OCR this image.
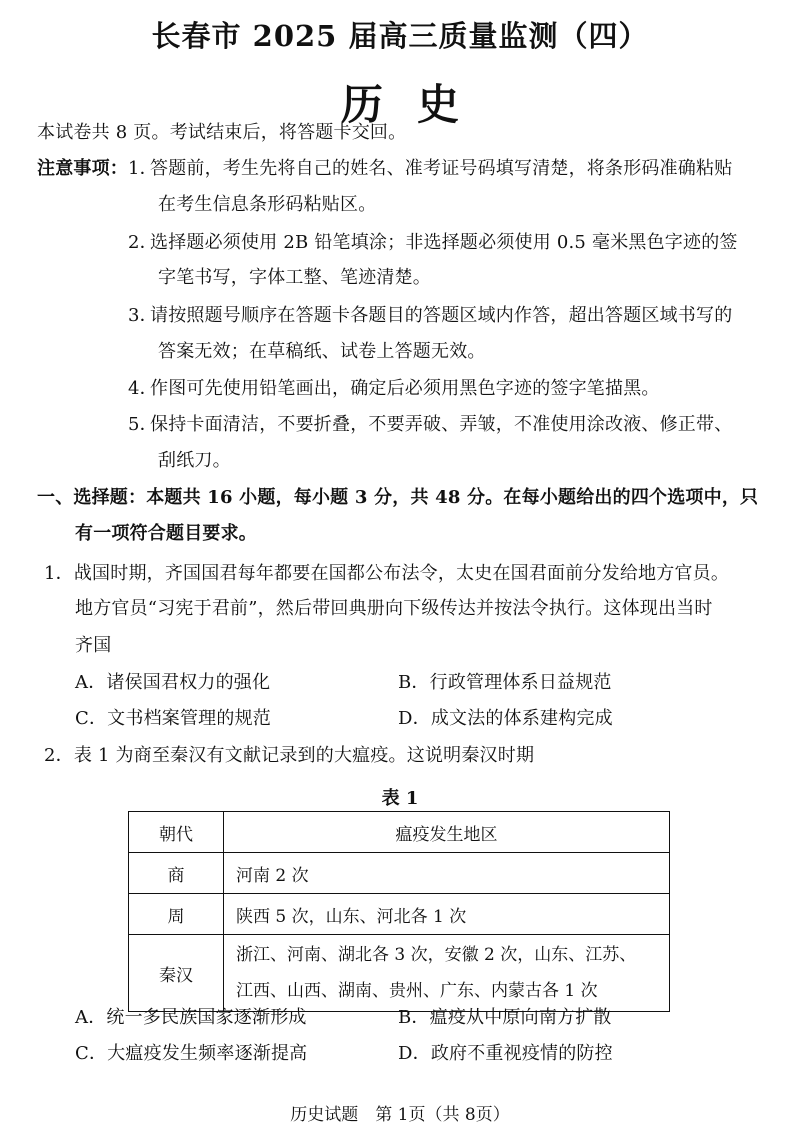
长春市 2025 届高三质量监测（四）
历史
本试卷共 8 页。考试结束后，将答题卡交回。
注意事项： 1．答题前，考生先将自己的姓名、准考证号码填写清楚，将条形码准确粘贴
在考生信息条形码粘贴区。
2．选择题必须使用 2B 铅笔填涂；非选择题必须使用 0.5 毫米黑色字迹的签
字笔书写，字体工整、笔迹清楚。
3．请按照题号顺序在答题卡各题目的答题区域内作答，超出答题区域书写的
答案无效；在草稿纸、试卷上答题无效。
4．作图可先使用铅笔画出，确定后必须用黑色字迹的签字笔描黑。
5．保持卡面清洁，不要折叠，不要弄破、弄皱，不准使用涂改液、修正带、
刮纸刀。
一、选择题：本题共 16 小题，每小题 3 分，共 48 分。在每小题给出的四个选项中，只
有一项符合题目要求。
1．战国时期，齐国国君每年都要在国都公布法令，太史在国君面前分发给地方官员。
地方官员“习宪于君前”，然后带回典册向下级传达并按法令执行。这体现出当时
齐国
A．诸侯国君权力的强化	B．行政管理体系日益规范
C．文书档案管理的规范	D．成文法的体系建构完成
2．表 1 为商至秦汉有文献记录到的大瘟疫。这说明秦汉时期
表 1
朝代	瘟疫发生地区
商	河南 2 次
周	陕西 5 次，山东、河北各 1 次
秦汉	浙江、河南、湖北各 3 次，安徽 2 次，山东、江苏、
江西、山西、湖南、贵州、广东、内蒙古各 1 次
A．统一多民族国家逐渐形成	B．瘟疫从中原向南方扩散
C．大瘟疫发生频率逐渐提高	D．政府不重视疫情的防控
历史试题　第 1页（共 8页）
